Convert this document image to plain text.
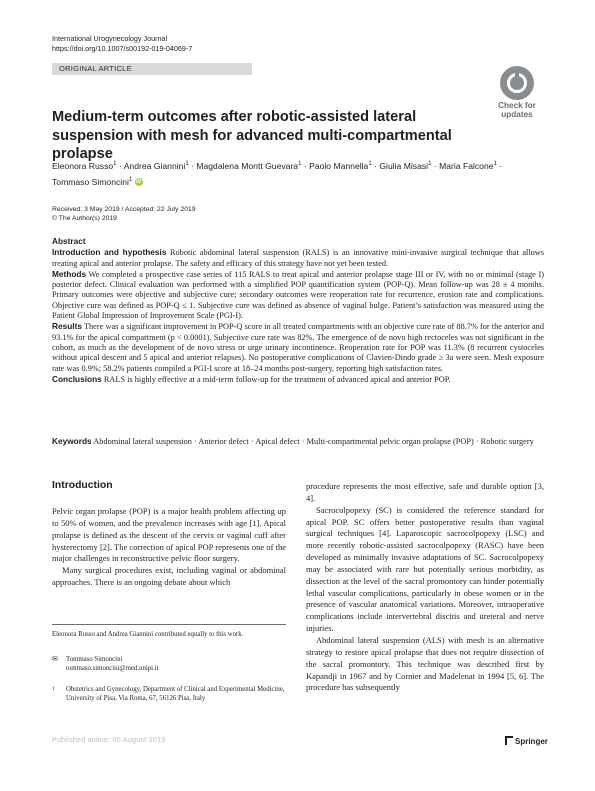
International Urogynecology Journal
https://doi.org/10.1007/s00192-019-04069-7
ORIGINAL ARTICLE
Check for
updates
Medium-term outcomes after robotic-assisted lateral suspension with mesh for advanced multi-compartmental prolapse
Eleonora Russo$^1$ · Andrea Giannini$^1$ · Magdalena Montt Guevara$^1$ · Paolo Mannella$^1$ · Giulia Misasi$^1$ · Maria Falcone$^1$ ·
Tommaso Simoncini$^1$ iD
Received: 3 May 2019 / Accepted: 22 July 2019
© The Author(s) 2019
Abstract

Introduction and hypothesis Robotic abdominal lateral suspension (RALS) is an innovative mini-invasive surgical technique that allows treating apical and anterior prolapse. The safety and efficacy of this strategy have not yet been tested.

Methods We completed a prospective case series of 115 RALS to treat apical and anterior prolapse stage III or IV, with no or minimal (stage I) posterior defect. Clinical evaluation was performed with a simplified POP quantification system (POP-Q). Mean follow-up was 28 ± 4 months. Primary outcomes were objective and subjective cure; secondary outcomes were reoperation rate for recurrence, erosion rate and complications. Objective cure was defined as POP-Q ≤ 1. Subjective cure was defined as absence of vaginal bulge. Patient’s satisfaction was measured using the Patient Global Impression of Improvement Scale (PGI-I).

Results There was a significant improvement in POP-Q score in all treated compartments with an objective cure rate of 88.7% for the anterior and 93.1% for the apical compartment (p < 0.0001). Subjective cure rate was 82%. The emergence of de novo high rectoceles was not significant in the cohort, as much as the development of de novo stress or urge urinary incontinence. Reoperation rate for POP was 11.3% (8 recurrent cystoceles without apical descent and 5 apical and anterior relapses). No postoperative complications of Clavien-Dindo grade ≥ 3a were seen. Mesh exposure rate was 0.9%; 58.2% patients compiled a PGI-I score at 18–24 months post-surgery, reporting high satisfaction rates.

Conclusions RALS is highly effective at a mid-term follow-up for the treatment of advanced apical and anterior POP.

Keywords Abdominal lateral suspension · Anterior defect · Apical defect · Multi-compartmental pelvic organ prolapse (POP) · Robotic surgery
Introduction

Pelvic organ prolapse (POP) is a major health problem affecting up to 50% of women, and the prevalence increases with age [1]. Apical prolapse is defined as the descent of the cervix or vaginal cuff after hysterectomy [2]. The correction of apical POP represents one of the major challenges in reconstructive pelvic floor surgery.

Many surgical procedures exist, including vaginal or abdominal approaches. There is an ongoing debate about which

procedure represents the most effective, safe and durable option [3, 4].

Sacrocolpopexy (SC) is considered the reference standard for apical POP. SC offers better postoperative results than vaginal surgical techniques [4]. Laparoscopic sacrocolpopexy (LSC) and more recently robotic-assisted sacrocolpopexy (RASC) have been developed as minimally invasive adaptations of SC. Sacrocolpopexy may be associated with rare but potentially serious morbidity, as dissection at the level of the sacral promontory can hinder potentially lethal vascular complications, particularly in obese women or in the presence of vascular anatomical variations. Moreover, intraoperative complications include intervertebral discitis and ureteral and nerve injuries.

Abdominal lateral suspension (ALS) with mesh is an alternative strategy to restore apical prolapse that does not require dissection of the sacral promontory. This technique was described first by Kapandji in 1967 and by Cornier and Madelenat in 1994 [5, 6]. The procedure has subsequently

Eleonora Russo and Andrea Giannini contributed equally to this work.
✉ Tommaso Simoncini
tommaso.simoncini@med.unipi.it
1 Obstetrics and Gynecology, Department of Clinical and Experimental Medicine, University of Pisa, Via Roma, 67, 56126 Pisa, Italy
Published online: 05 August 2019	Springer
